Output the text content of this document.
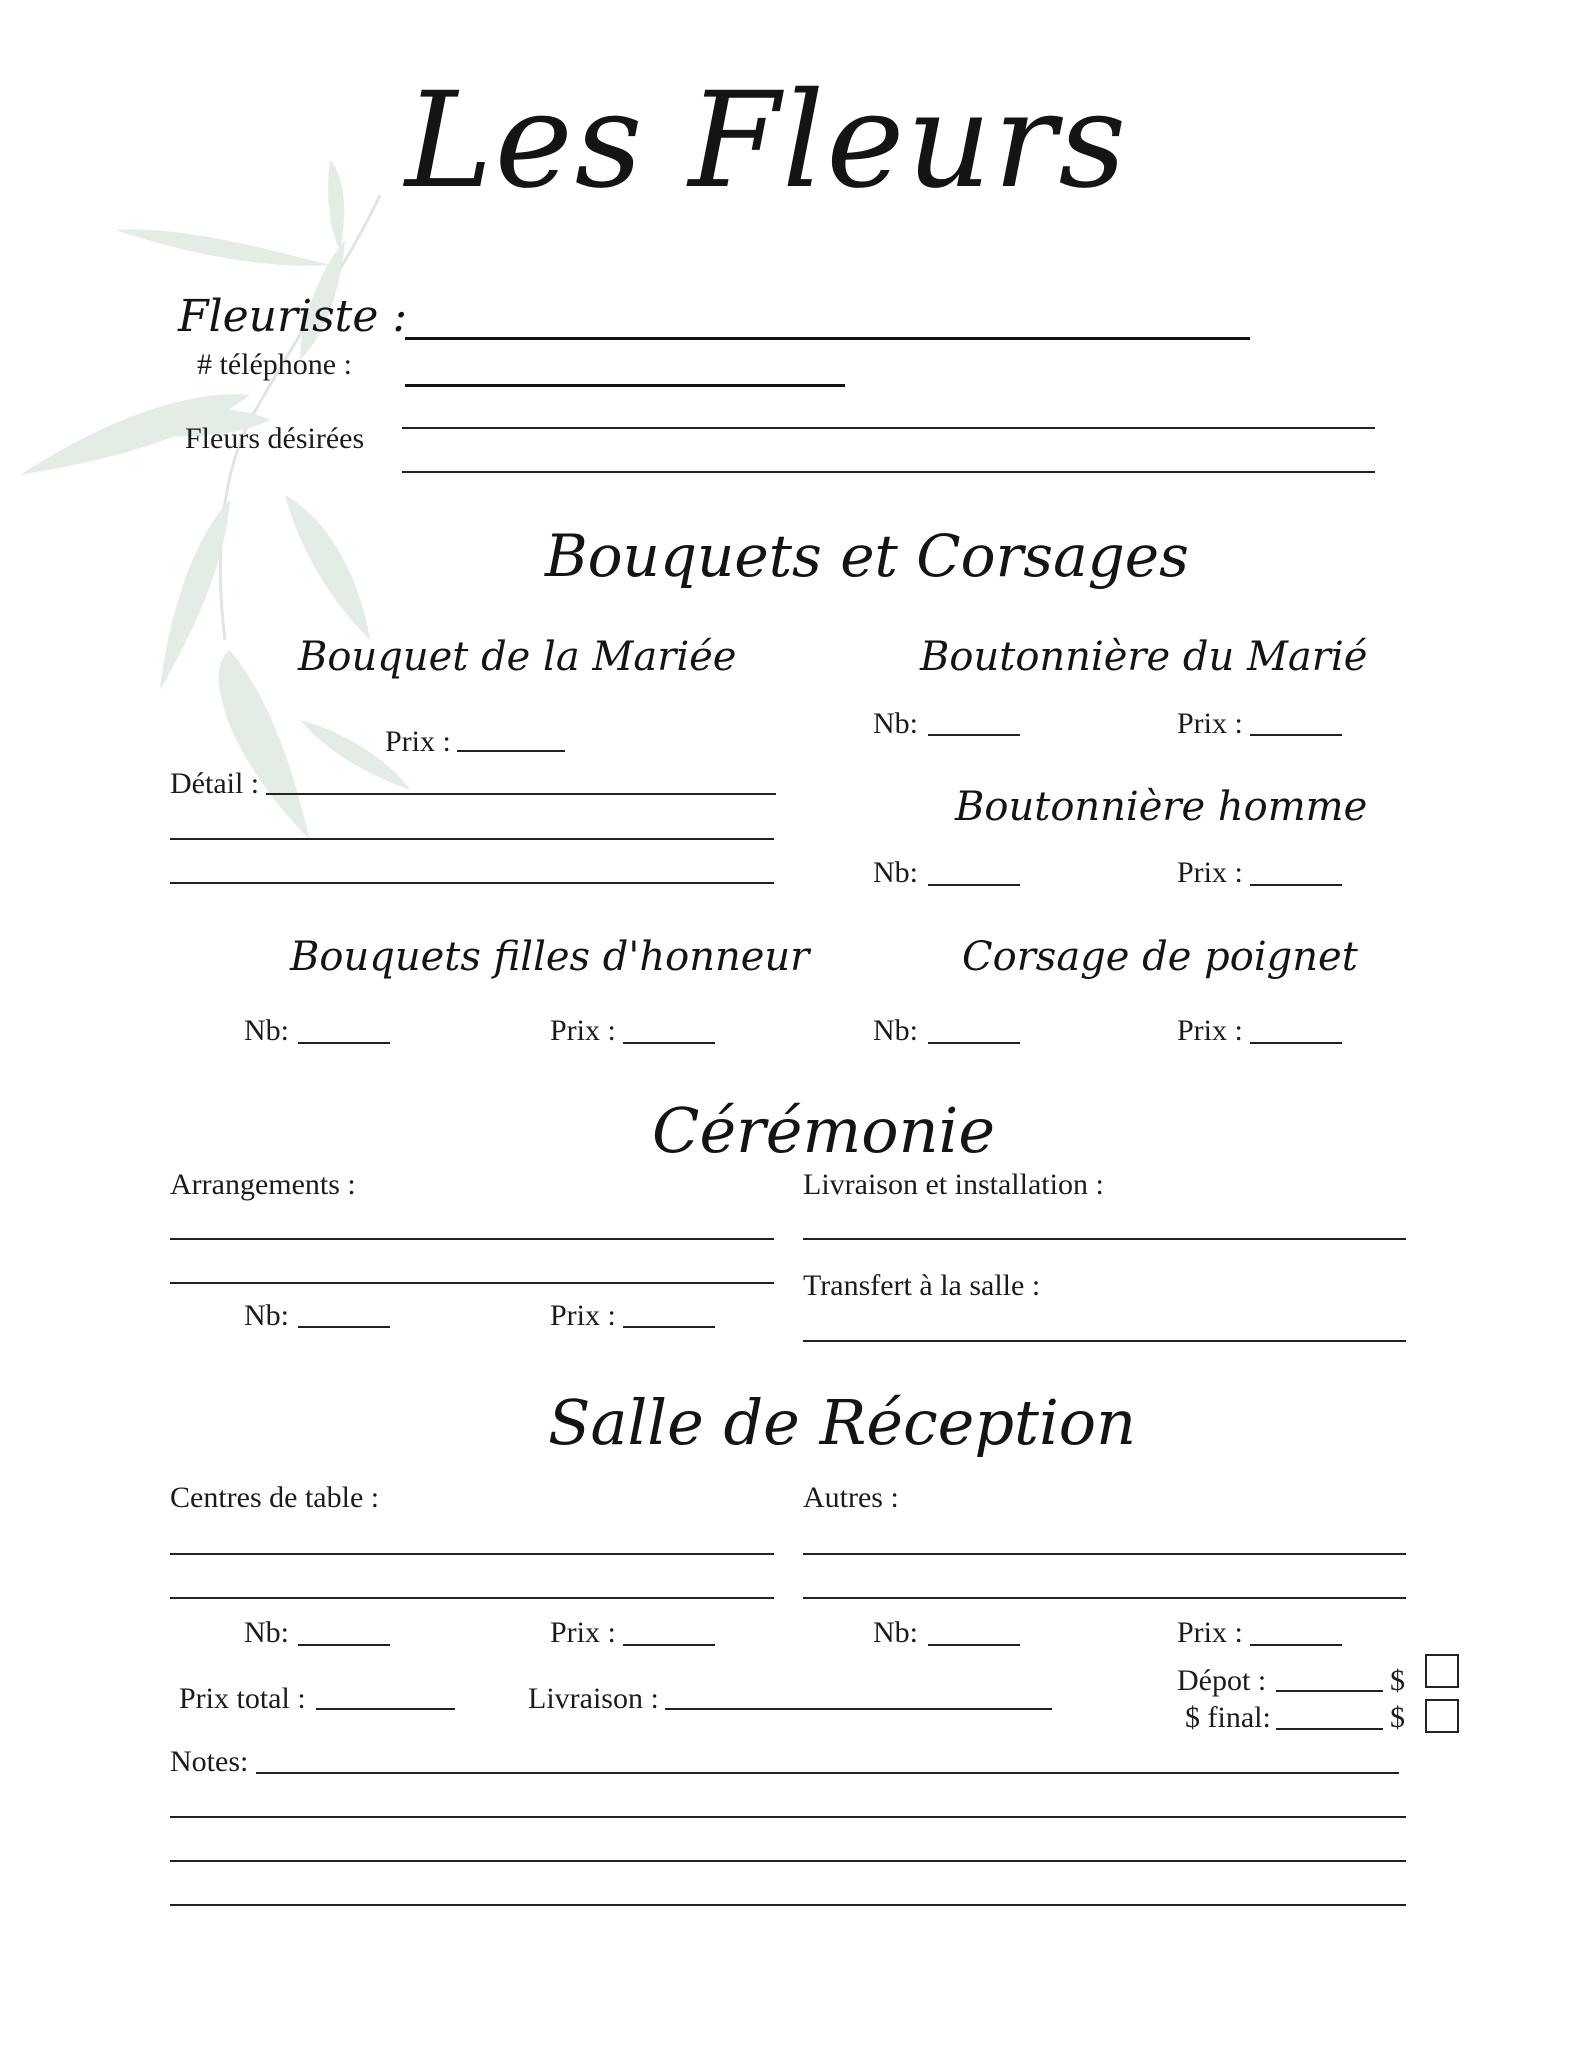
Les Fleurs
Fleuriste :
# téléphone :
Fleurs désirées
Bouquets et Corsages
Bouquet de la Mariée
Prix :
Détail :
Boutonnière du Marié
Nb:	Prix :
Boutonnière homme
Nb:	Prix :
Bouquets filles d'honneur
Nb:	Prix :
Corsage de poignet
Nb:	Prix :
Cérémonie
Arrangements :
Nb:	Prix :
Livraison et installation :
Transfert à la salle :
Salle de Réception
Centres de table :
Nb:	Prix :
Autres :
Nb:	Prix :
Prix total :	Livraison :
Dépot :	$
$ final:	$
Notes:
